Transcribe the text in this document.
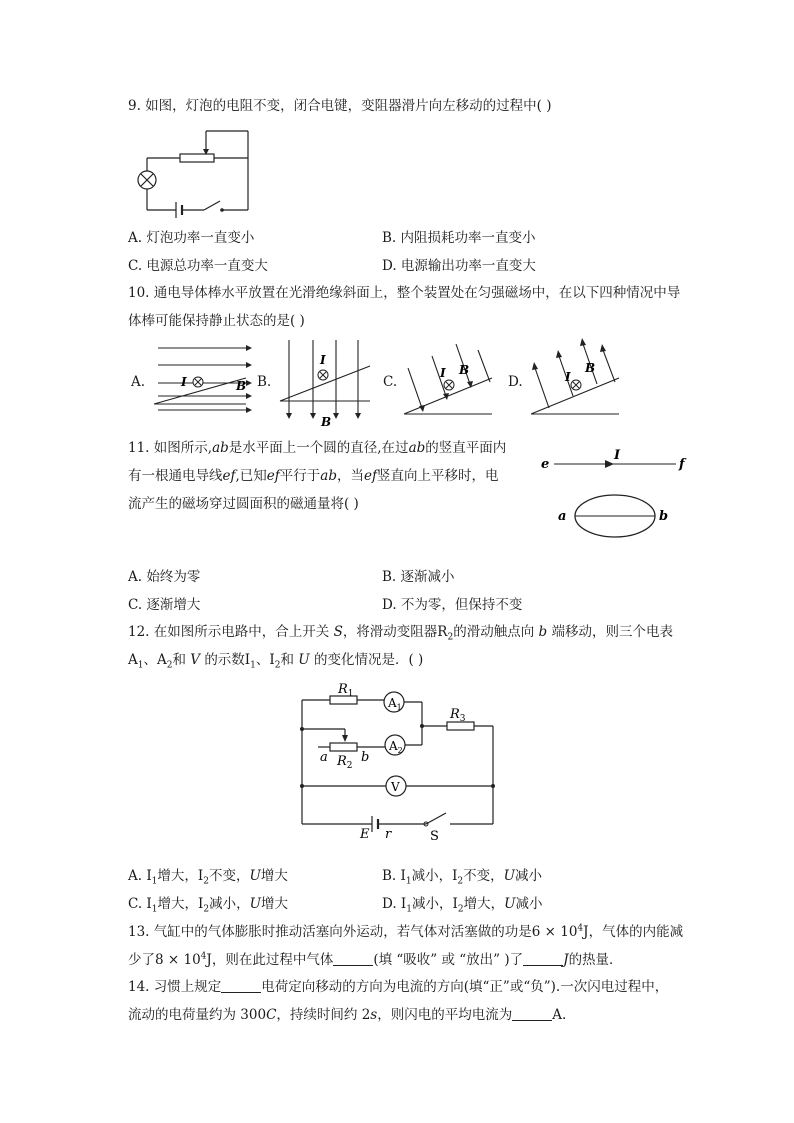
9. 如图，灯泡的电阻不变，闭合电键，变阻器滑片向左移动的过程中( )
A. 灯泡功率一直变小	B. 内阻损耗功率一直变小
C. 电源总功率一直变大	D. 电源输出功率一直变大
10. 通电导体棒水平放置在光滑绝缘斜面上，整个装置处在匀强磁场中，在以下四种情况中导
体棒可能保持静止状态的是( )
A.	I	B B.
I
B
C.
I B
D.	I
B
11. 如图所示,ab是水平面上一个圆的直径,在过ab的竖直平面内
有一根通电导线ef,已知ef平行于ab，当ef竖直向上平移时，电
流产生的磁场穿过圆面积的磁通量将( )
e
I
f
a	b
A. 始终为零	B. 逐渐减小
C. 逐渐增大	D. 不为零，但保持不变
12. 在如图所示电路中，合上开关 S，将滑动变阻器$R_2$的滑动触点向 b 端移动，则三个电表
$A_1$、$A_2$和 V 的示数$I_1$、$I_2$和 U 的变化情况是．( )
$R_1$
$A_1$	$R_3$
$A_2$
a $R_2$
b
V
E r	S
A. $I_1$增大，$I_2$不变，U增大	B. $I_1$减小，$I_2$不变，U减小
C. $I_1$增大，$I_2$减小，U增大	D. $I_1$减小，$I_2$增大，U减小
13. 气缸中的气体膨胀时推动活塞向外运动，若气体对活塞做的功是$6 \times 10^4J$，气体的内能减
少了$8 \times 10^4J$，则在此过程中气体	(填 “吸收” 或 “放出” )了	J的热量．
14. 习惯上规定	电荷定向移动的方向为电流的方向(填“正”或“负”).一次闪电过程中，
流动的电荷量约为 300C，持续时间约 2s，则闪电的平均电流为	A.
